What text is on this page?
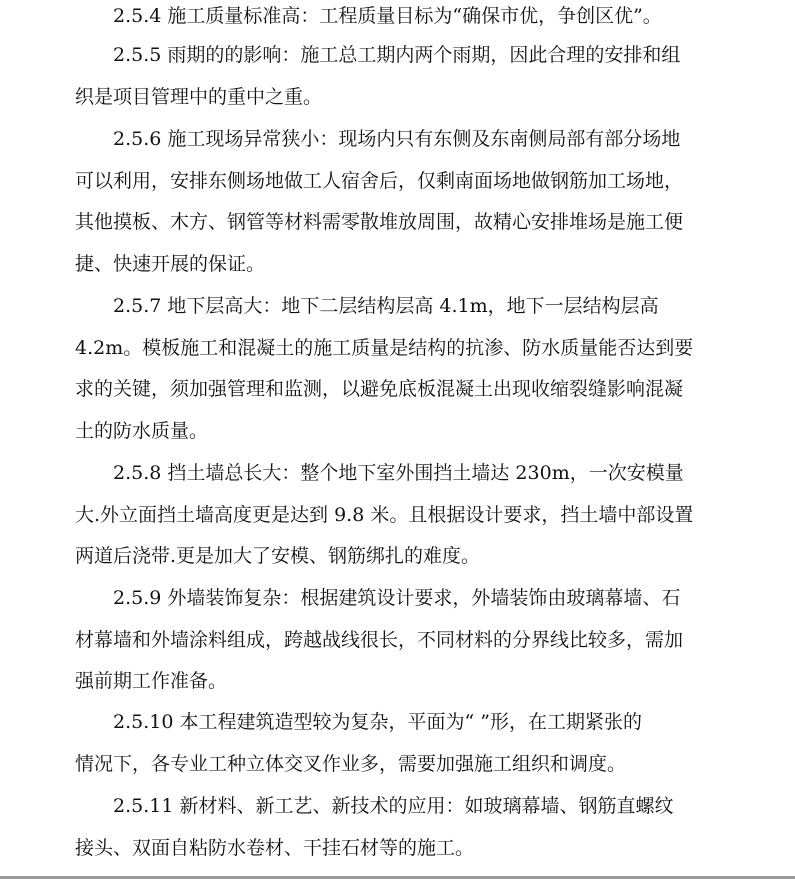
2.5.4 施工质量标准高：工程质量目标为“确保市优，争创区优”。
2.5.5 雨期的的影响：施工总工期内两个雨期，因此合理的安排和组
织是项目管理中的重中之重。
2.5.6 施工现场异常狭小：现场内只有东侧及东南侧局部有部分场地
可以利用，安排东侧场地做工人宿舍后，仅剩南面场地做钢筋加工场地，
其他摸板、木方、钢管等材料需零散堆放周围，故精心安排堆场是施工便
捷、快速开展的保证。
2.5.7 地下层高大：地下二层结构层高 4.1m，地下一层结构层高
4.2m。模板施工和混凝土的施工质量是结构的抗渗、防水质量能否达到要
求的关键，须加强管理和监测，以避免底板混凝土出现收缩裂缝影响混凝
土的防水质量。
2.5.8 挡土墙总长大：整个地下室外围挡土墙达 230m，一次安模量
大.外立面挡土墙高度更是达到 9.8 米。且根据设计要求，挡土墙中部设置
两道后浇带.更是加大了安模、钢筋绑扎的难度。
2.5.9 外墙装饰复杂：根据建筑设计要求，外墙装饰由玻璃幕墙、石
材幕墙和外墙涂料组成，跨越战线很长，不同材料的分界线比较多，需加
强前期工作准备。
2.5.10 本工程建筑造型较为复杂，平面为“ ”形，在工期紧张的
情况下，各专业工种立体交叉作业多，需要加强施工组织和调度。
2.5.11 新材料、新工艺、新技术的应用：如玻璃幕墙、钢筋直螺纹
接头、双面自粘防水卷材、干挂石材等的施工。
